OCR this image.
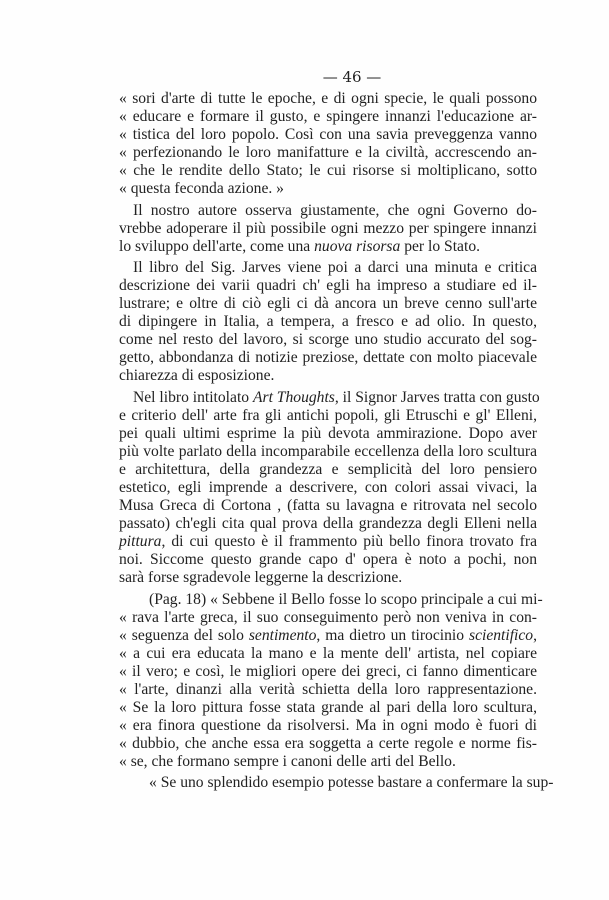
— 46 —
« sori d'arte di tutte le epoche, e di ogni specie, le quali possono
« educare e formare il gusto, e spingere innanzi l'educazione ar-
« tistica del loro popolo. Così con una savia preveggenza vanno
« perfezionando le loro manifatture e la civiltà, accrescendo an-
« che le rendite dello Stato; le cui risorse si moltiplicano, sotto
« questa feconda azione. »
Il nostro autore osserva giustamente, che ogni Governo do-
vrebbe adoperare il più possibile ogni mezzo per spingere innanzi
lo sviluppo dell'arte, come una nuova risorsa per lo Stato.
Il libro del Sig. Jarves viene poi a darci una minuta e critica
descrizione dei varii quadri ch' egli ha impreso a studiare ed il-
lustrare; e oltre di ciò egli ci dà ancora un breve cenno sull'arte
di dipingere in Italia, a tempera, a fresco e ad olio. In questo,
come nel resto del lavoro, si scorge uno studio accurato del sog-
getto, abbondanza di notizie preziose, dettate con molto piacevale
chiarezza di esposizione.
Nel libro intitolato Art Thoughts, il Signor Jarves tratta con gusto
e criterio dell' arte fra gli antichi popoli, gli Etruschi e gl' Elleni,
pei quali ultimi esprime la più devota ammirazione. Dopo aver
più volte parlato della incomparabile eccellenza della loro scultura
e architettura, della grandezza e semplicità del loro pensiero
estetico, egli imprende a descrivere, con colori assai vivaci, la
Musa Greca di Cortona , (fatta su lavagna e ritrovata nel secolo
passato) ch'egli cita qual prova della grandezza degli Elleni nella
pittura, di cui questo è il frammento più bello finora trovato fra
noi. Siccome questo grande capo d' opera è noto a pochi, non
sarà forse sgradevole leggerne la descrizione.
(Pag. 18) « Sebbene il Bello fosse lo scopo principale a cui mi-
« rava l'arte greca, il suo conseguimento però non veniva in con-
« seguenza del solo sentimento, ma dietro un tirocinio scientifico,
« a cui era educata la mano e la mente dell' artista, nel copiare
« il vero; e così, le migliori opere dei greci, ci fanno dimenticare
« l'arte, dinanzi alla verità schietta della loro rappresentazione.
« Se la loro pittura fosse stata grande al pari della loro scultura,
« era finora questione da risolversi. Ma in ogni modo è fuori di
« dubbio, che anche essa era soggetta a certe regole e norme fis-
« se, che formano sempre i canoni delle arti del Bello.
« Se uno splendido esempio potesse bastare a confermare la sup-
